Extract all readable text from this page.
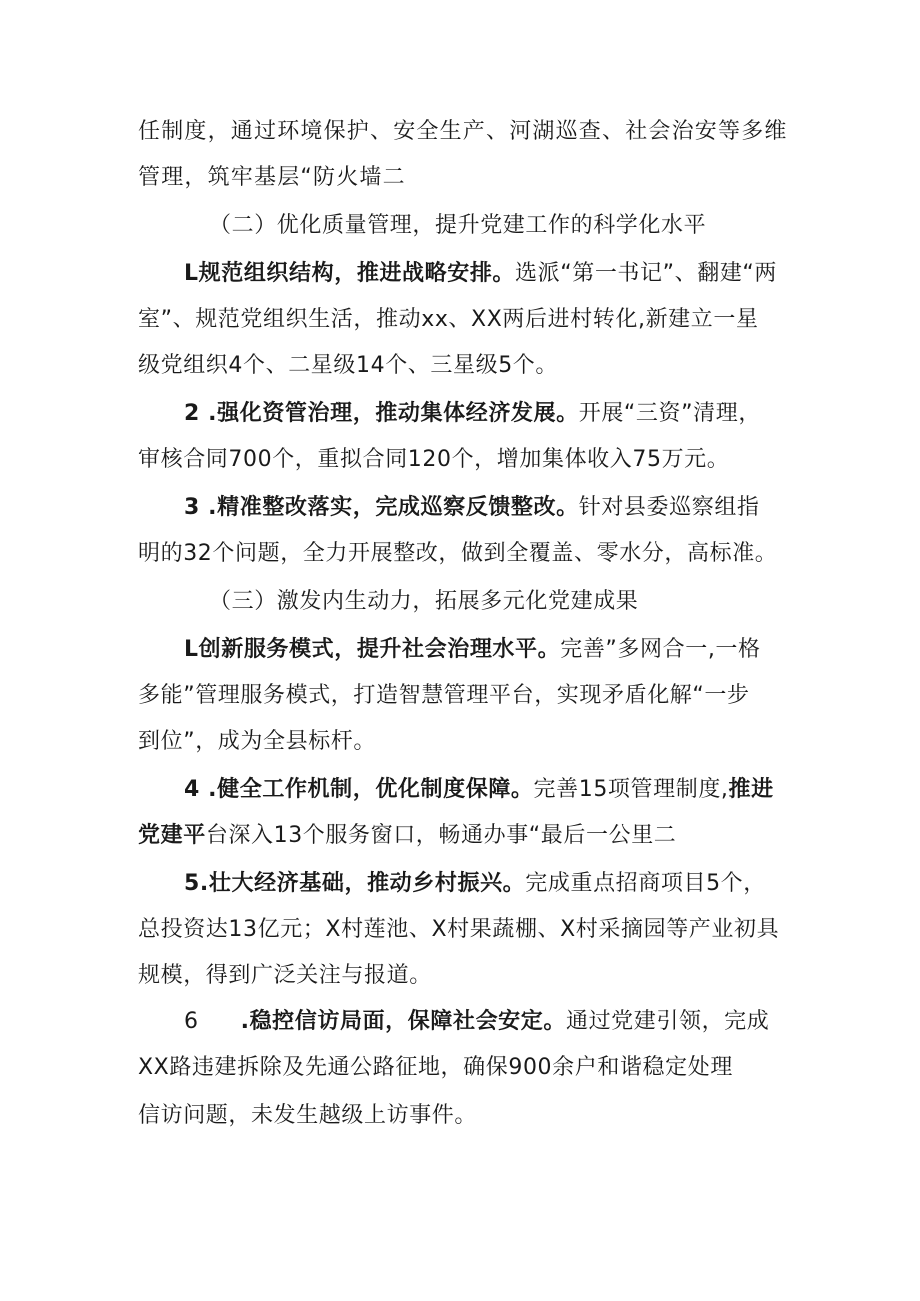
任制度，通过环境保护、安全生产、河湖巡查、社会治安等多维
管理，筑牢基层“防火墙二
（二）优化质量管理，提升党建工作的科学化水平
L规范组织结构，推进战略安排。选派“第一书记”、翻建“两
室”、规范党组织生活，推动xx、XX两后进村转化,新建立一星
级党组织4个、二星级14个、三星级5个。
2 .强化资管治理，推动集体经济发展。开展“三资”清理，
审核合同700个，重拟合同120个，增加集体收入75万元。
3 .精准整改落实，完成巡察反馈整改。针对县委巡察组指
明的32个问题，全力开展整改，做到全覆盖、零水分，高标准。
（三）激发内生动力，拓展多元化党建成果
L创新服务模式，提升社会治理水平。完善”多网合一,一格
多能”管理服务模式，打造智慧管理平台，实现矛盾化解“一步
到位”，成为全县标杆。
4 .健全工作机制，优化制度保障。完善15项管理制度,推进
党建平台深入13个服务窗口，畅通办事“最后一公里二
5.壮大经济基础，推动乡村振兴。完成重点招商项目5个，
总投资达13亿元；X村莲池、X村果蔬棚、X村采摘园等产业初具
规模，得到广泛关注与报道。
6 .稳控信访局面，保障社会安定。通过党建引领，完成
XX路违建拆除及先通公路征地，确保900余户和谐稳定处理
信访问题，未发生越级上访事件。
